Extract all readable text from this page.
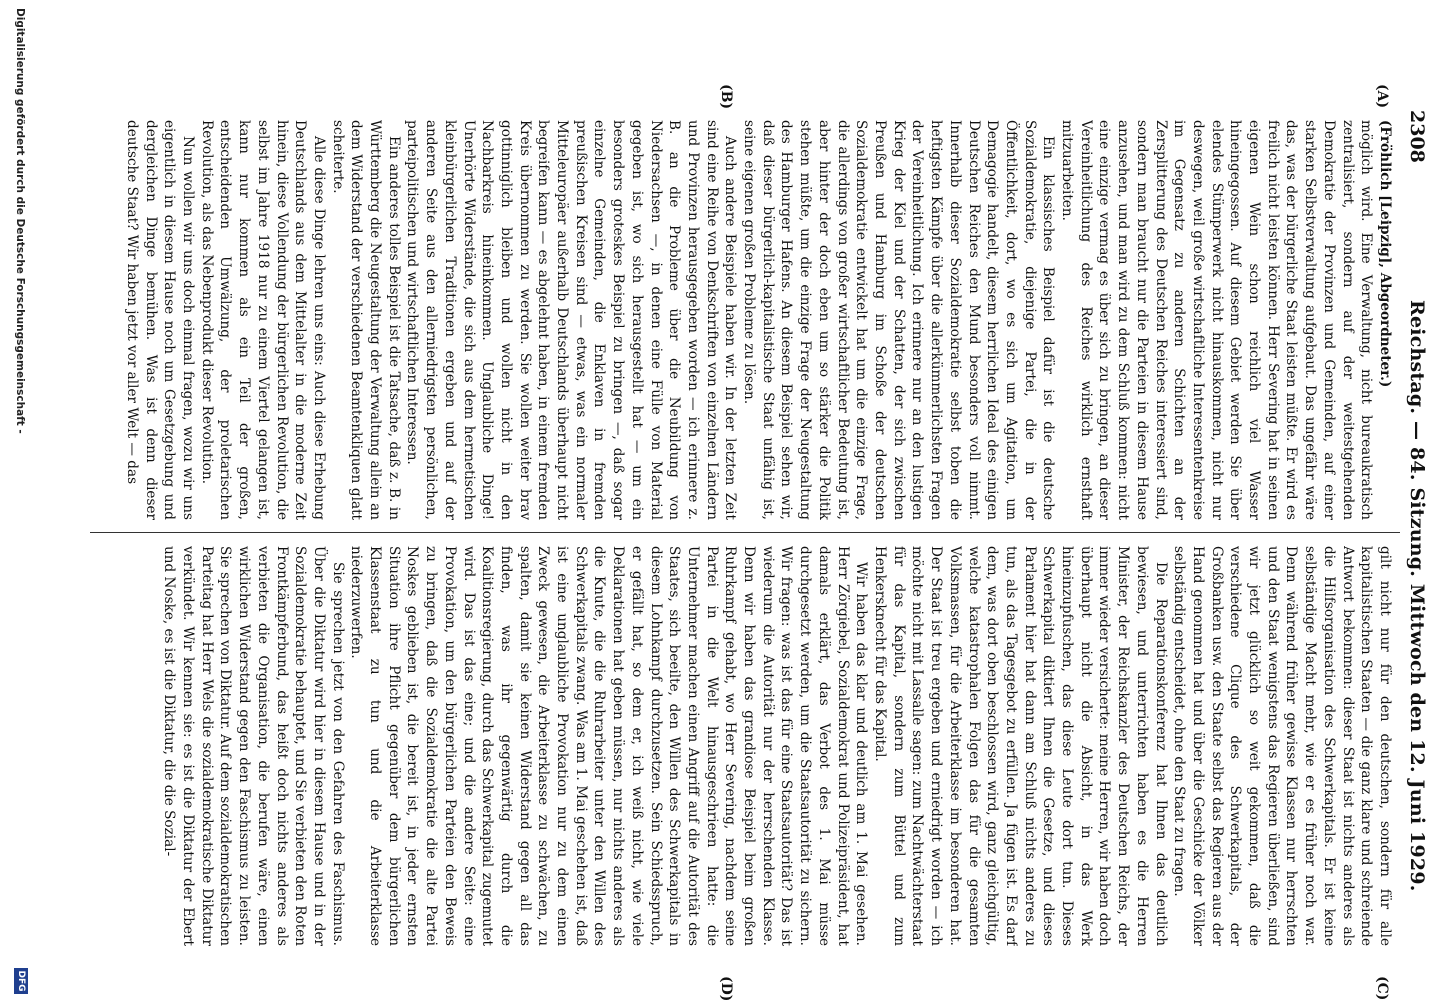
2308
Reichstag. — 84. Sitzung. Mittwoch den 12. Juni 1929.
(A)
(B)
(C)
(D)

(Fröhlich [Leipzig], Abgeordneter.)

möglich wird. Eine Verwaltung, nicht bureaukratisch zentralisiert, sondern auf der weitestgehenden Demokratie der Provinzen und Gemeinden, auf einer starken Selbstverwaltung aufgebaut. Das ungefähr wäre das, was der bürgerliche Staat leisten müßte. Er wird es freilich nicht leisten können. Herr Severing hat in seinen eigenen Wein schon reichlich viel Wasser hineingegossen. Auf diesem Gebiet werden Sie über elendes Stümperwerk nicht hinauskommen, nicht nur deswegen, weil große wirtschaftliche Interessentenkreise im Gegensatz zu anderen Schichten an der Zersplitterung des Deutschen Reiches interessiert sind, sondern man braucht nur die Parteien in diesem Hause anzusehen, und man wird zu dem Schluß kommen: nicht eine einzige vermag es über sich zu bringen, an dieser Vereinheitlichung des Reiches wirklich ernsthaft mitzuarbeiten.

Ein klassisches Beispiel dafür ist die deutsche Sozialdemokratie, diejenige Partei, die in der Öffentlichkeit, dort, wo es sich um Agitation, um Demagogie handelt, diesem herrlichen Ideal des einigen Deutschen Reiches den Mund besonders voll nimmt. Innerhalb dieser Sozialdemokratie selbst toben die heftigsten Kämpfe über die allerkümmerlichsten Fragen der Vereinheitlichung. Ich erinnere nur an den lustigen Krieg der Kiel und der Schatten, der sich zwischen Preußen und Hamburg im Schoße der deutschen Sozialdemokratie entwickelt hat um die einzige Frage, die allerdings von großer wirtschaftlicher Bedeutung ist, aber hinter der doch eben um so stärker die Politik stehen müßte, um die einzige Frage der Neugestaltung des Hamburger Hafens. An diesem Beispiel sehen wir, daß dieser bürgerlich-kapitalistische Staat unfähig ist, seine eigenen großen Probleme zu lösen.

Auch andere Beispiele haben wir. In der letzten Zeit sind eine Reihe von Denkschriften von einzelnen Ländern und Provinzen herausgegeben worden — ich erinnere z. B. an die Probleme über die Neubildung von Niedersachsen —, in denen eine Fülle von Material gegeben ist, wo sich herausgestellt hat — um ein besonders groteskes Beispiel zu bringen —, daß sogar einzelne Gemeinden, die Enklaven in fremden preußischen Kreisen sind — etwas, was ein normaler Mitteleuropäer außerhalb Deutschlands überhaupt nicht begreifen kann — es abgelehnt haben, in einem fremden Kreis übernommen zu werden. Sie wollen weiter brav gottinniglich bleiben und wollen nicht in den Nachbarkreis hineinkommen. Unglaubliche Dinge! Unerhörte Widerstände, die sich aus dem hermetischen kleinbürgerlichen Traditionen ergeben und auf der anderen Seite aus den allerniedrigsten persönlichen, parteipolitischen und wirtschaftlichen Interessen.

Ein anderes tolles Beispiel ist die Tatsache, daß z. B. in Württemberg die Neugestaltung der Verwaltung allein an dem Widerstand der verschiedenen Beamtenkliquen glatt scheiterte.

Alle diese Dinge lehren uns eins: Auch diese Erhebung Deutschlands aus dem Mittelalter in die moderne Zeit hinein, diese Vollendung der bürgerlichen Revolution, die selbst im Jahre 1918 nur zu einem Viertel gelangen ist, kann nur kommen als ein Teil der großen, entscheidenden Umwälzung, der proletarischen Revolution, als das Nebenprodukt dieser Revolution.

Nun wollen wir uns doch einmal fragen, wozu wir uns eigentlich in diesem Hause noch um Gesetzgebung und dergleichen Dinge bemühen. Was ist denn dieser deutsche Staat? Wir haben jetzt vor aller Welt — das

gilt nicht nur für den deutschen, sondern für alle kapitalistischen Staaten — die ganz klare und schreiende Antwort bekommen: dieser Staat ist nichts anderes als die Hilfsorganisation des Schwerkapitals. Er ist keine selbständige Macht mehr, wie er es früher noch war. Denn während früher gewisse Klassen nur herrschten und den Staat wenigstens das Regieren überließen, sind wir jetzt glücklich so weit gekommen, daß die verschiedene Clique des Schwerkapitals, der Großbanken usw. den Staate selbst das Regieren aus der Hand genommen hat und über die Geschicke der Völker selbständig entscheidet, ohne den Staat zu fragen.

Die Reparationskonferenz hat Ihnen das deutlich bewiesen, und unterrichten haben es die Herren Minister, der Reichskanzler des Deutschen Reichs, der immer wieder versicherte: meine Herren, wir haben doch überhaupt nicht die Absicht, in das Werk hineinzupfuschen, das diese Leute dort tun. Dieses Schwerkapital diktiert Ihnen die Gesetze, und dieses Parlament hier hat dann am Schluß nichts anderes zu tun, als das Tagesgebot zu erfüllen. Ja fügen ist. Es darf dem, was dort oben beschlossen wird, ganz gleichgültig, welche katastrophalen Folgen das für die gesamten Volksmassen, für die Arbeiterklasse im besonderen hat. Der Staat ist treu ergeben und erniedrigt worden — ich möchte nicht mit Lassalle sagen: zum Nachtwächterstaat für das Kapital, sondern zum Büttel und zum Henkersknecht für das Kapital.

Wir haben das klar und deutlich am 1. Mai gesehen. Herr Zörgiebel, Sozialdemokrat und Polizeipräsident, hat damals erklärt, das Verbot des 1. Mai müsse durchgesetzt werden, um die Staatsautorität zu sichern. Wir fragen: was ist das für eine Staatsautorität? Das ist wiederum die Autorität nur der herrschenden Klasse. Denn wir haben das grandiose Beispiel beim großen Ruhrkampf gehabt, wo Herr Severing, nachdem seine Partei in die Welt hinausgeschrieen hatte: die Unternehmer machen einen Angriff auf die Autorität des Staates, sich beeilte, den Willen des Schwerkapitals in diesem Lohnkampf durchzusetzen. Sein Schiedsspruch, er gefällt hat, so dem er, ich weiß nicht, wie viele Deklarationen hat geben müssen, nur nichts anderes als die Knute, die die Ruhrarbeiter unter den Willen des Schwerkapitals zwang. Was am 1. Mai geschehen ist, daß ist eine unglaubliche Provokation nur zu dem einen Zweck gewesen, die Arbeiterklasse zu schwächen, zu spalten, damit sie keinen Widerstand gegen all das finden, was ihr gegenwärtig durch die Koalitionsregierung, durch das Schwerkapital zugemutet wird. Das ist das eine; und die andere Seite: eine Provokation, um den bürgerlichen Parteien den Beweis zu bringen, daß die Sozialdemokratie die alte Partei Noskes geblieben ist, die bereit ist, in jeder ernsten Situation ihre Pflicht gegenüber dem bürgerlichen Klassenstaat zu tun und die Arbeiterklasse niederzuwerfen.

Sie sprechen jetzt von den Gefahren des Faschismus. Über die Diktatur wird hier in diesem Hause und in der Sozialdemokratie behauptet, und Sie verbieten den Roten Frontkämpferbund, das heißt doch nichts anderes als verbieten die Organisation, die berufen wäre, einen wirklichen Widerstand gegen den Faschismus zu leisten. Sie sprechen von Diktatur. Auf dem sozialdemokratischen Parteitag hat Herr Wels die sozialdemokratische Diktatur verkündet. Wir kennen sie: es ist die Diktatur der Ebert und Noske, es ist die Diktatur, die die Sozial-

Digitalisierung gefördert durch die Deutsche Forschungsgemeinschaft -
DFG
